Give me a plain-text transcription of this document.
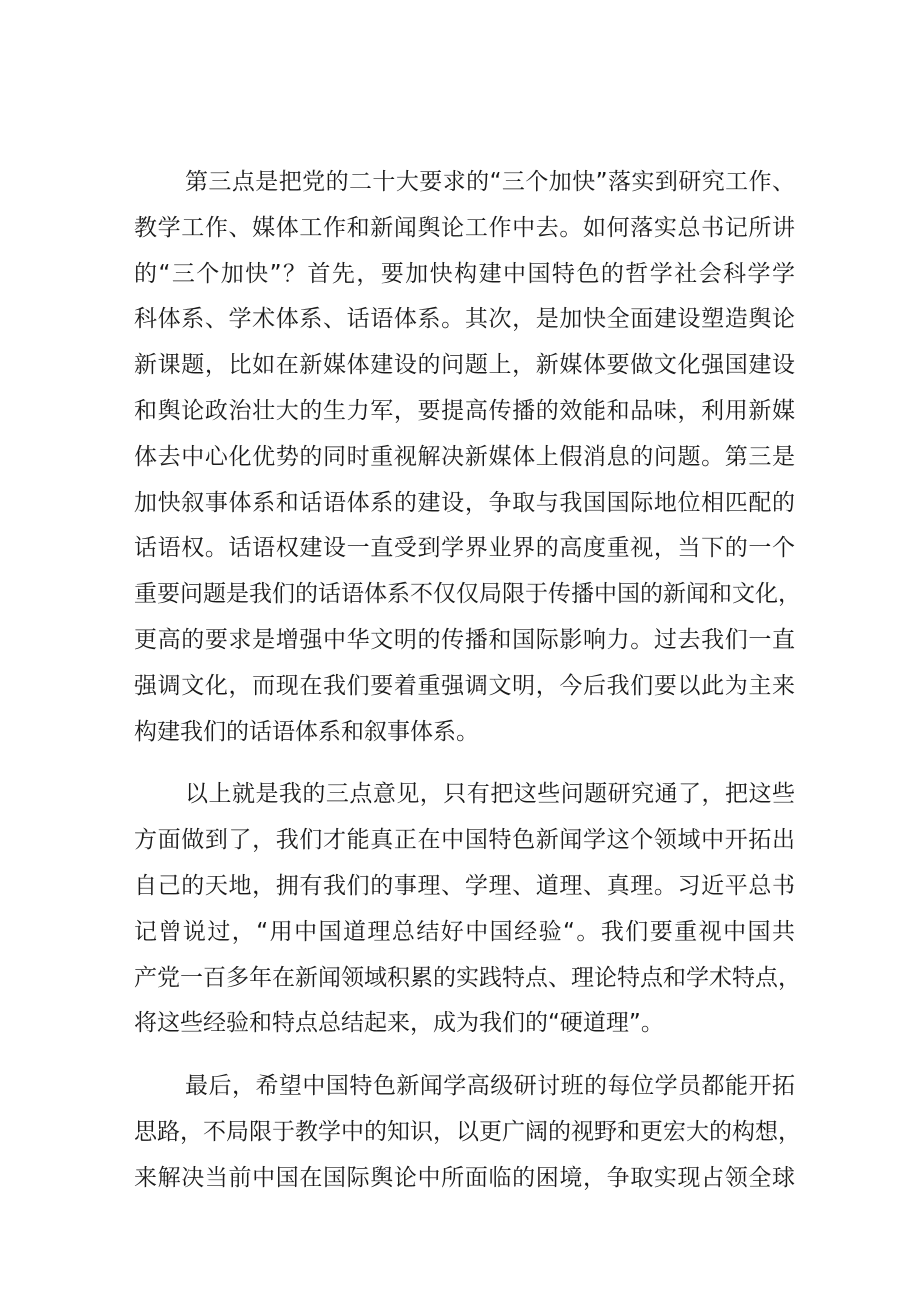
第三点是把党的二十大要求的“三个加快”落实到研究工作、
教学工作、媒体工作和新闻舆论工作中去。如何落实总书记所讲
的“三个加快”？首先，要加快构建中国特色的哲学社会科学学
科体系、学术体系、话语体系。其次，是加快全面建设塑造舆论
新课题，比如在新媒体建设的问题上，新媒体要做文化强国建设
和舆论政治壮大的生力军，要提高传播的效能和品味，利用新媒
体去中心化优势的同时重视解决新媒体上假消息的问题。第三是
加快叙事体系和话语体系的建设，争取与我国国际地位相匹配的
话语权。话语权建设一直受到学界业界的高度重视，当下的一个
重要问题是我们的话语体系不仅仅局限于传播中国的新闻和文化，
更高的要求是增强中华文明的传播和国际影响力。过去我们一直
强调文化，而现在我们要着重强调文明，今后我们要以此为主来
构建我们的话语体系和叙事体系。
以上就是我的三点意见，只有把这些问题研究通了，把这些
方面做到了，我们才能真正在中国特色新闻学这个领域中开拓出
自己的天地，拥有我们的事理、学理、道理、真理。习近平总书
记曾说过，“用中国道理总结好中国经验“。我们要重视中国共
产党一百多年在新闻领域积累的实践特点、理论特点和学术特点，
将这些经验和特点总结起来，成为我们的“硬道理”。
最后，希望中国特色新闻学高级研讨班的每位学员都能开拓
思路，不局限于教学中的知识，以更广阔的视野和更宏大的构想，
来解决当前中国在国际舆论中所面临的困境，争取实现占领全球
